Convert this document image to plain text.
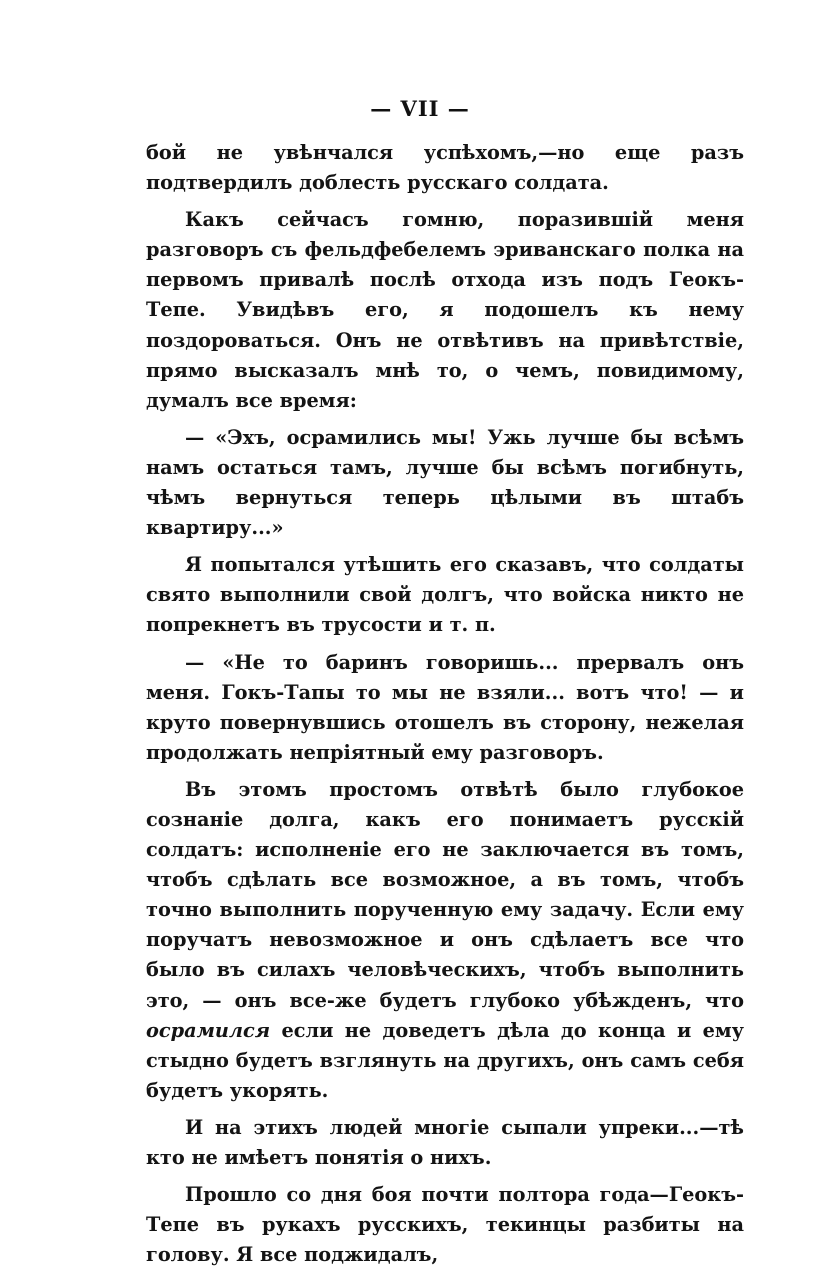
— VII —

бой не увѣнчался успѣхомъ,—но еще разъ подтвердилъ доблесть русскаго солдата.

Какъ сейчасъ гомню, поразившій меня разговоръ съ фельдфебелемъ эриванскаго полка на первомъ привалѣ послѣ отхода изъ подъ Геокъ-Тепе. Увидѣвъ его, я подошелъ къ нему поздороваться. Онъ не отвѣтивъ на привѣтствіе, прямо высказалъ мнѣ то, о чемъ, повидимому, думалъ все время:

— «Эхъ, осрамились мы! Ужь лучше бы всѣмъ намъ остаться тамъ, лучше бы всѣмъ погибнуть, чѣмъ вернуться теперь цѣлыми въ штабъ квартиру...»

Я попытался утѣшить его сказавъ, что солдаты свято выполнили свой долгъ, что войска никто не попрекнетъ въ трусости и т. п.

— «Не то баринъ говоришь... прервалъ онъ меня. Гокъ-Тапы то мы не взяли... вотъ что! — и круто повернувшись отошелъ въ сторону, нежелая продолжать непріятный ему разговоръ.

Въ этомъ простомъ отвѣтѣ было глубокое сознаніе долга, какъ его понимаетъ русскій солдатъ: исполненіе его не заключается въ томъ, чтобъ сдѣлать все возможное, а въ томъ, чтобъ точно выполнить порученную ему задачу. Если ему поручатъ невозможное и онъ сдѣлаетъ все что было въ силахъ человѣческихъ, чтобъ выполнить это, — онъ все-же будетъ глубоко убѣжденъ, что осрамился если не доведетъ дѣла до конца и ему стыдно будетъ взглянуть на другихъ, онъ самъ себя будетъ укорять.

И на этихъ людей многіе сыпали упреки...—тѣ кто не имѣетъ понятія о нихъ.

Прошло со дня боя почти полтора года—Геокъ-Тепе въ рукахъ русскихъ, текинцы разбиты на голову. Я все поджидалъ,
